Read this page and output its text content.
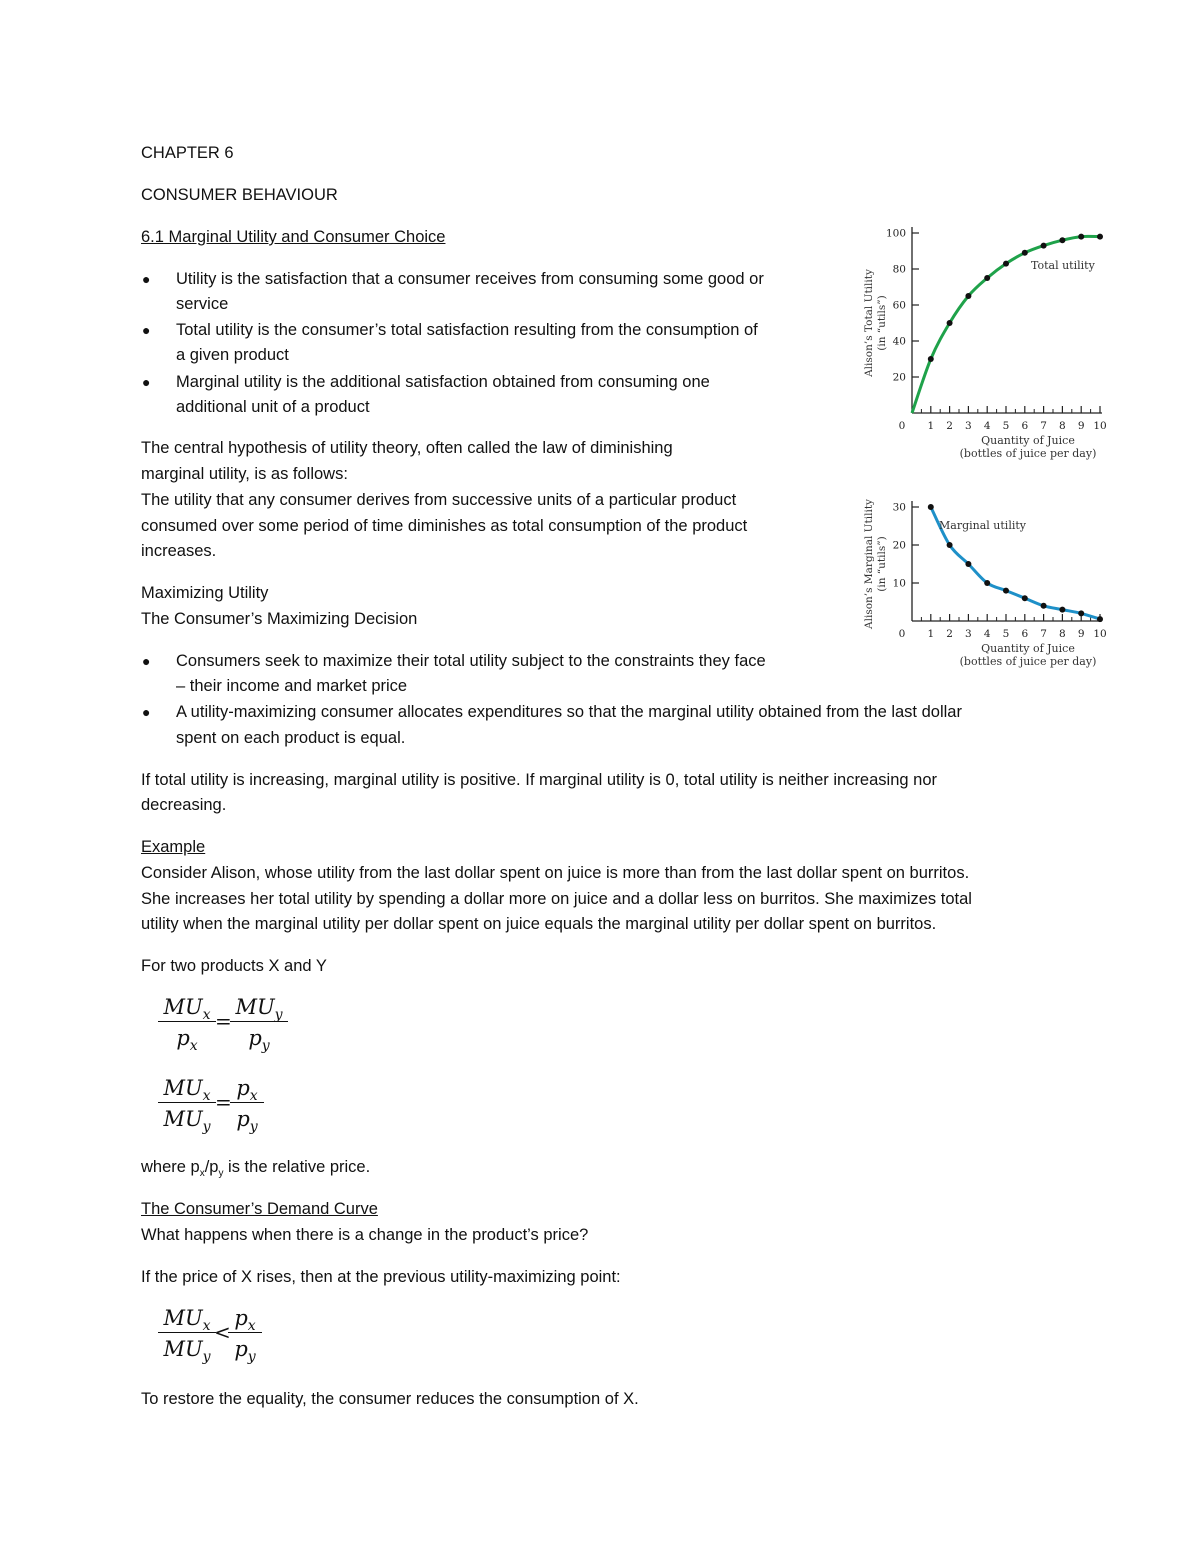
CHAPTER 6
CONSUMER BEHAVIOUR
6.1 Marginal Utility and Consumer Choice
● Utility is the satisfaction that a consumer receives from consuming some good or
service
● Total utility is the consumer’s total satisfaction resulting from the consumption of
a given product
● Marginal utility is the additional satisfaction obtained from consuming one
additional unit of a product
The central hypothesis of utility theory, often called the law of diminishing
marginal utility, is as follows:
The utility that any consumer derives from successive units of a particular product
consumed over some period of time diminishes as total consumption of the product
increases.
Maximizing Utility
The Consumer’s Maximizing Decision
● Consumers seek to maximize their total utility subject to the constraints they face
– their income and market price
● A utility-maximizing consumer allocates expenditures so that the marginal utility obtained from the last dollar
spent on each product is equal.
If total utility is increasing, marginal utility is positive. If marginal utility is 0, total utility is neither increasing nor
decreasing.
Example
Consider Alison, whose utility from the last dollar spent on juice is more than from the last dollar spent on burritos.
She increases her total utility by spending a dollar more on juice and a dollar less on burritos. She maximizes total
utility when the marginal utility per dollar spent on juice equals the marginal utility per dollar spent on burritos.
For two products X and Y
$MU_x$
$p_x$
=
$MU_y$
$p_y$
$MU_x$
$MU_y$
=
$\frac{p_x}{p_y}$
where $p_x/p_y$ is the relative price.
The Consumer’s Demand Curve
What happens when there is a change in the product’s price?
If the price of X rises, then at the previous utility-maximizing point:
$MU_x$
$MU_y$
<
$\frac{p_x}{p_y}$
To restore the equality, the consumer reduces the consumption of X.
0 1 2 3 4 5 6 7 8 9 10
20
40
60
80
100
Quantity of Juice
(bottles of juice per day)
Alison’s Total Utility (in “utils”)
Total utility
0 1 2 3 4 5 6 7 8 9 10
10
20
30
Quantity of Juice
(bottles of juice per day)
Alison’s Marginal Utility (in “utils”)
Marginal utility
